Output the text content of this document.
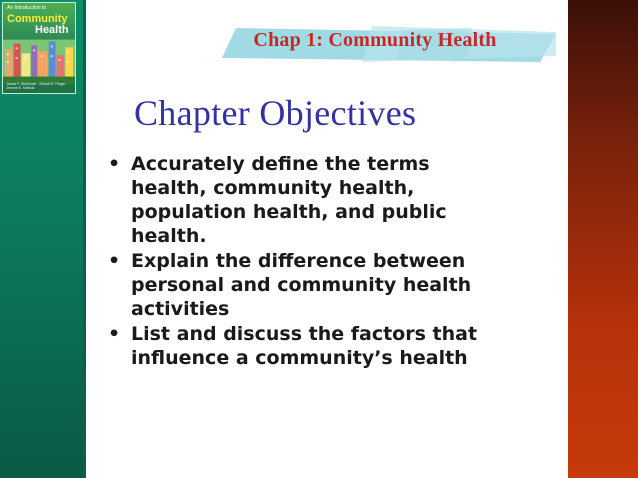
An Introduction to
Community
Health
James F. McKenzie · Robert R. Pinger · Jerome E. Kotecki
Chap 1: Community Health
Chapter Objectives
• Accurately define the terms health, community health, population health, and public health.
• Explain the difference between personal and community health activities
• List and discuss the factors that influence a community’s health
